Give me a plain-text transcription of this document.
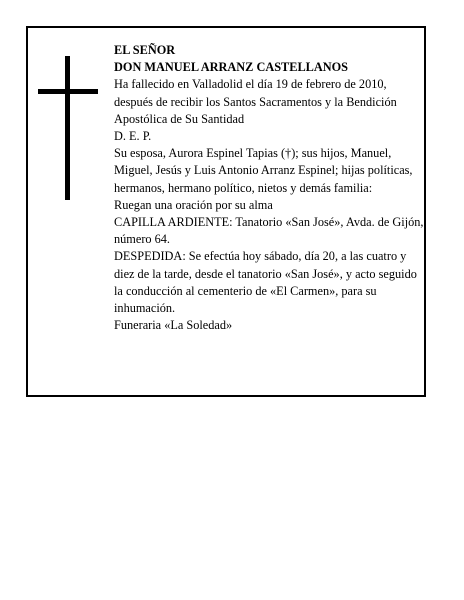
EL SEÑOR

DON MANUEL ARRANZ CASTELLANOS

Ha fallecido en Valladolid el día 19 de febrero de 2010, después de recibir los Santos Sacramentos y la Bendición Apostólica de Su Santidad

D. E. P.

Su esposa, Aurora Espinel Tapias (†); sus hijos, Manuel, Miguel, Jesús y Luis Antonio Arranz Espinel; hijas políticas, hermanos, hermano político, nietos y demás familia:

Ruegan una oración por su alma

CAPILLA ARDIENTE: Tanatorio «San José», Avda. de Gijón, número 64.

DESPEDIDA: Se efectúa hoy sábado, día 20, a las cuatro y diez de la tarde, desde el tanatorio «San José», y acto seguido la conducción al cementerio de «El Carmen», para su inhumación.

Funeraria «La Soledad»
